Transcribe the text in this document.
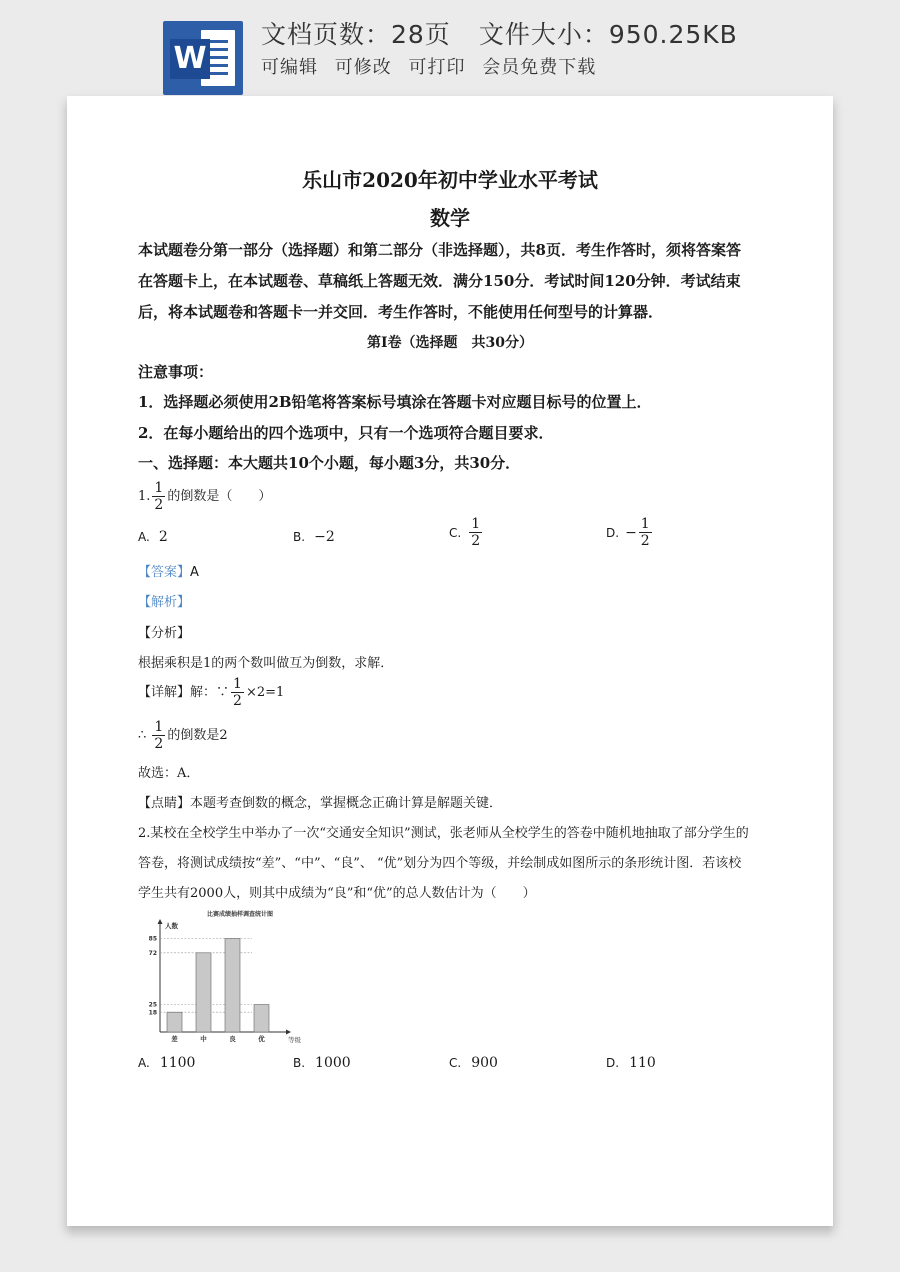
W
文档页数：28页 文件大小：950.25KB
可编辑 可修改 可打印 会员免费下载
乐山市2020年初中学业水平考试
数学
本试题卷分第一部分（选择题）和第二部分（非选择题），共8页．考生作答时，须将答案答
在答题卡上，在本试题卷、草稿纸上答题无效．满分150分．考试时间120分钟．考试结束
后，将本试题卷和答题卡一并交回．考生作答时，不能使用任何型号的计算器．
第Ⅰ卷（选择题　共30分）
注意事项：
1．选择题必须使用2B铅笔将答案标号填涂在答题卡对应题目标号的位置上．
2．在每小题给出的四个选项中，只有一个选项符合题目要求．
一、选择题：本大题共10个小题，每小题3分，共30分．
1. $\frac{1}{2}$ 的倒数是（　　）
A. 2	B. −2	C. $\frac{1}{2}$	D. − $\frac{1}{2}$
【答案】A
【解析】
【分析】
根据乘积是1的两个数叫做互为倒数，求解．
【详解】解：∵ $\frac{1}{2} \times 2=1$
∴ $\frac{1}{2}$ 的倒数是2
故选：A．
【点睛】本题考查倒数的概念，掌握概念正确计算是解题关键．
2.某校在全校学生中举办了一次“交通安全知识”测试，张老师从全校学生的答卷中随机地抽取了部分学生的
答卷，将测试成绩按“差”、“中”、“良”、 “优”划分为四个等级，并绘制成如图所示的条形统计图．若该校
学生共有2000人，则其中成绩为“良”和“优”的总人数估计为（　　）
比赛成绩抽样调查统计图
人数
等级
18
25
72
85
差	中	良	优
A. 1100	B. 1000	C. 900	D. 110
